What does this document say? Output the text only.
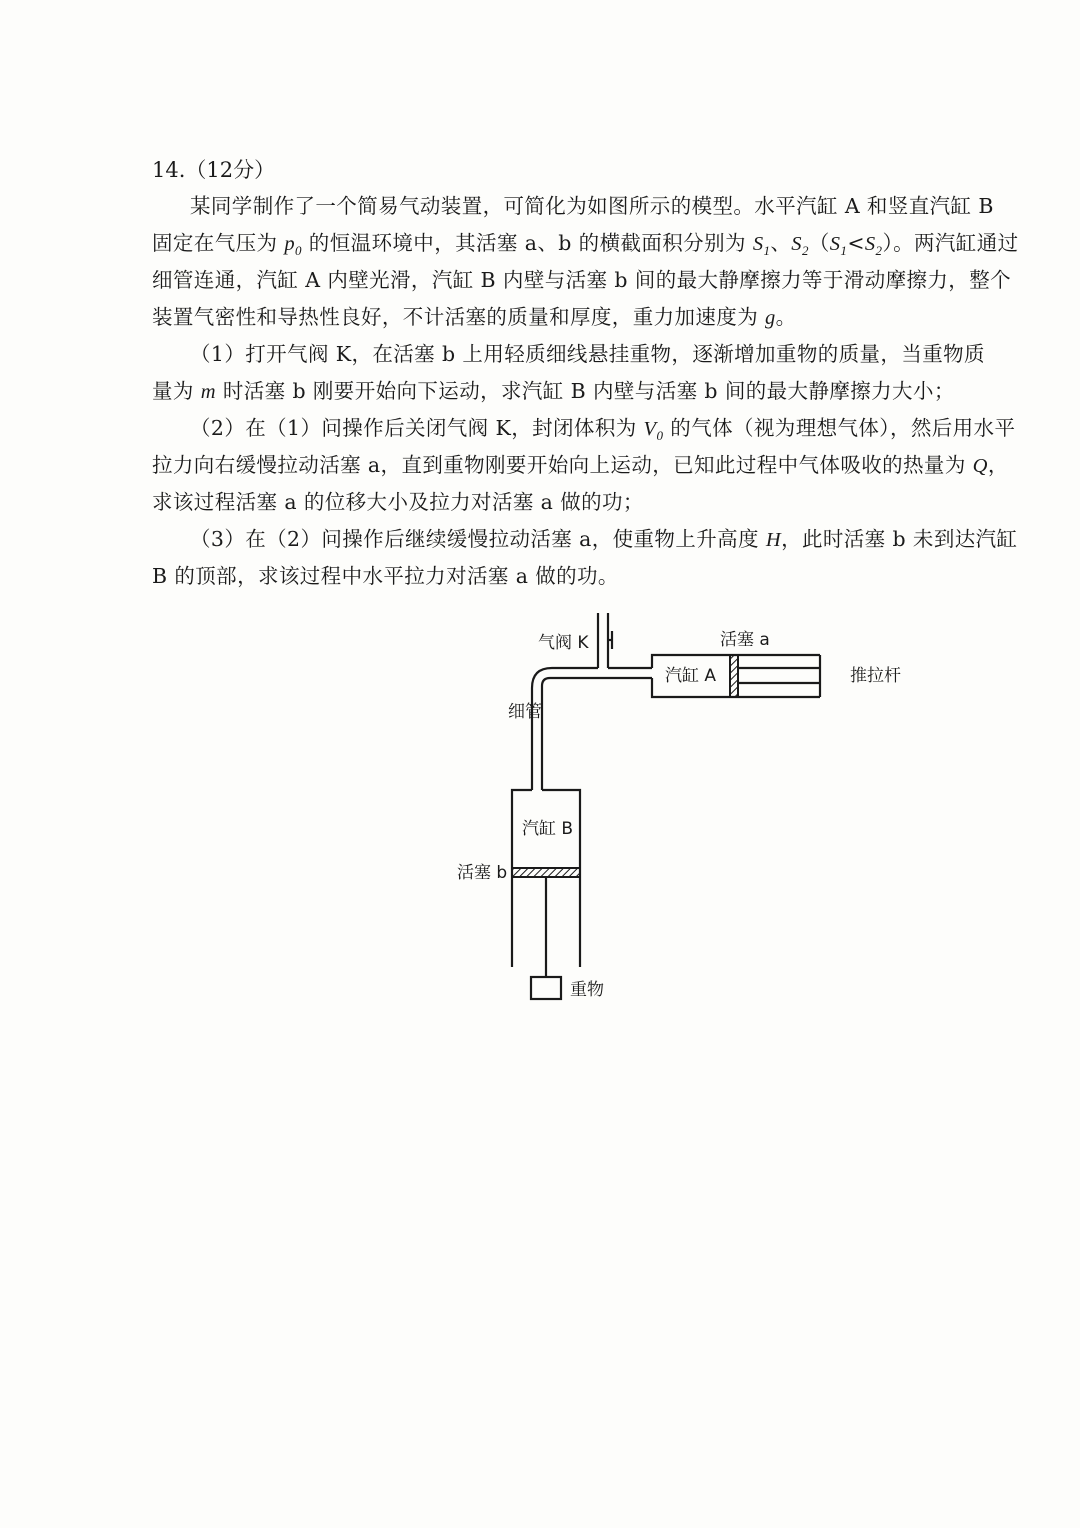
14.（12分）
某同学制作了一个简易气动装置，可简化为如图所示的模型。水平汽缸 A 和竖直汽缸 B
固定在气压为 $p_0$ 的恒温环境中，其活塞 a、b 的横截面积分别为 $S_1$、$S_2(S_1<S_2)$。两汽缸通过
细管连通，汽缸 A 内壁光滑，汽缸 B 内壁与活塞 b 间的最大静摩擦力等于滑动摩擦力，整个
装置气密性和导热性良好，不计活塞的质量和厚度，重力加速度为 g。
（1）打开气阀 K，在活塞 b 上用轻质细线悬挂重物，逐渐增加重物的质量，当重物质
量为 m 时活塞 b 刚要开始向下运动，求汽缸 B 内壁与活塞 b 间的最大静摩擦力大小；
（2）在（1）问操作后关闭气阀 K，封闭体积为 $V_0$ 的气体（视为理想气体），然后用水平
拉力向右缓慢拉动活塞 a，直到重物刚要开始向上运动，已知此过程中气体吸收的热量为 Q，
求该过程活塞 a 的位移大小及拉力对活塞 a 做的功；
（3）在（2）问操作后继续缓慢拉动活塞 a，使重物上升高度 H，此时活塞 b 未到达汽缸
B 的顶部，求该过程中水平拉力对活塞 a 做的功。
气阀 K	活塞 a
汽缸 A	推拉杆
细管
汽缸 B
活塞 b
重物
